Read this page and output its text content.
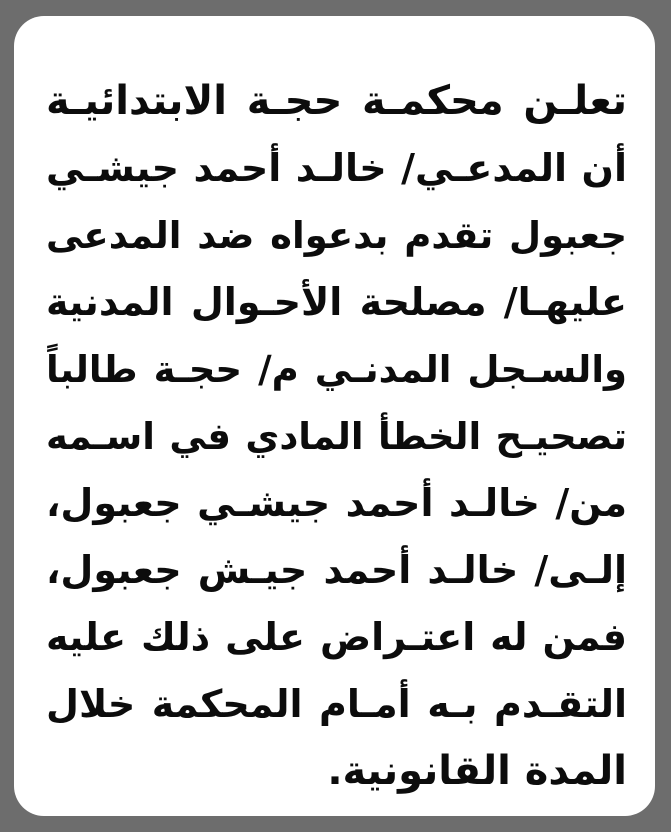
تعلـن محكمـة حجـة الابتدائيـة
أن المدعـي/ خالـد أحمد جيشـي
جعبول تقدم بدعواه ضد المدعى
عليهـا/ مصلحة الأحـوال المدنية
والسـجل المدنـي م/ حجـة طالباً
تصحيـح الخطأ المادي في اسـمه
من/ خالـد أحمد جيشـي جعبول،
إلـى/ خالـد أحمد جيـش جعبول،
فمن له اعتـراض على ذلك عليه
التقـدم بـه أمـام المحكمة خلال
المدة القانونية.
